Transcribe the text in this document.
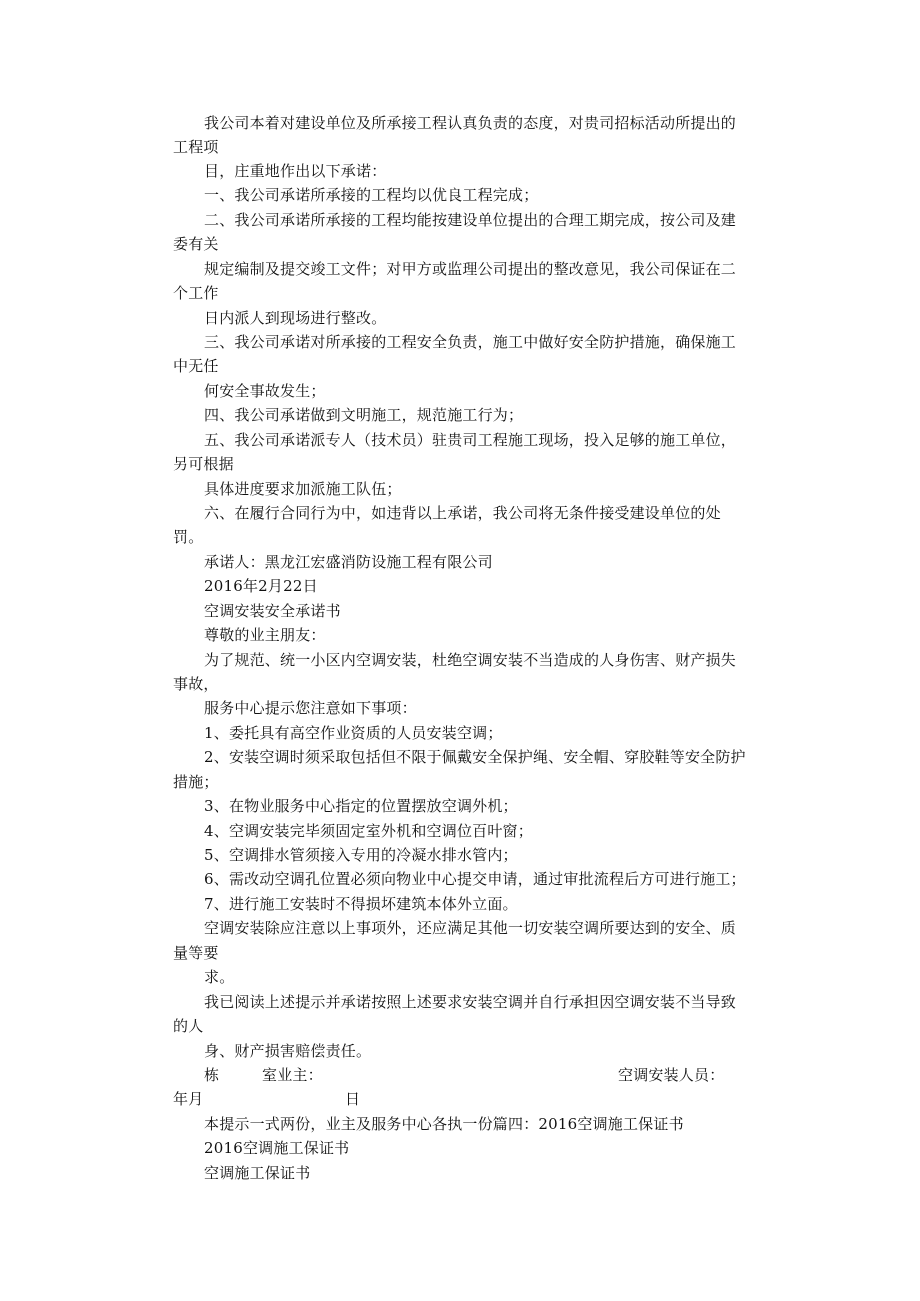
我公司本着对建设单位及所承接工程认真负责的态度，对贵司招标活动所提出的
工程项
目，庄重地作出以下承诺：
一、我公司承诺所承接的工程均以优良工程完成；
二、我公司承诺所承接的工程均能按建设单位提出的合理工期完成，按公司及建
委有关
规定编制及提交竣工文件；对甲方或监理公司提出的整改意见，我公司保证在二
个工作
日内派人到现场进行整改。
三、我公司承诺对所承接的工程安全负责，施工中做好安全防护措施，确保施工
中无任
何安全事故发生；
四、我公司承诺做到文明施工，规范施工行为；
五、我公司承诺派专人（技术员）驻贵司工程施工现场，投入足够的施工单位，
另可根据
具体进度要求加派施工队伍；
六、在履行合同行为中，如违背以上承诺，我公司将无条件接受建设单位的处
罚。
承诺人：黑龙江宏盛消防设施工程有限公司
2016年2月22日
空调安装安全承诺书
尊敬的业主朋友：
为了规范、统一小区内空调安装，杜绝空调安装不当造成的人身伤害、财产损失
事故，
服务中心提示您注意如下事项：
1、委托具有高空作业资质的人员安装空调；
2、安装空调时须采取包括但不限于佩戴安全保护绳、安全帽、穿胶鞋等安全防护
措施；
3、在物业服务中心指定的位置摆放空调外机；
4、空调安装完毕须固定室外机和空调位百叶窗；
5、空调排水管须接入专用的冷凝水排水管内；
6、需改动空调孔位置必须向物业中心提交申请，通过审批流程后方可进行施工；
7、进行施工安装时不得损坏建筑本体外立面。
空调安装除应注意以上事项外，还应满足其他一切安装空调所要达到的安全、质
量等要
求。
我已阅读上述提示并承诺按照上述要求安装空调并自行承担因空调安装不当导致
的人
身、财产损害赔偿责任。
栋	室业主：	空调安装人员：
年月	日
本提示一式两份，业主及服务中心各执一份篇四：2016空调施工保证书
2016空调施工保证书
空调施工保证书
